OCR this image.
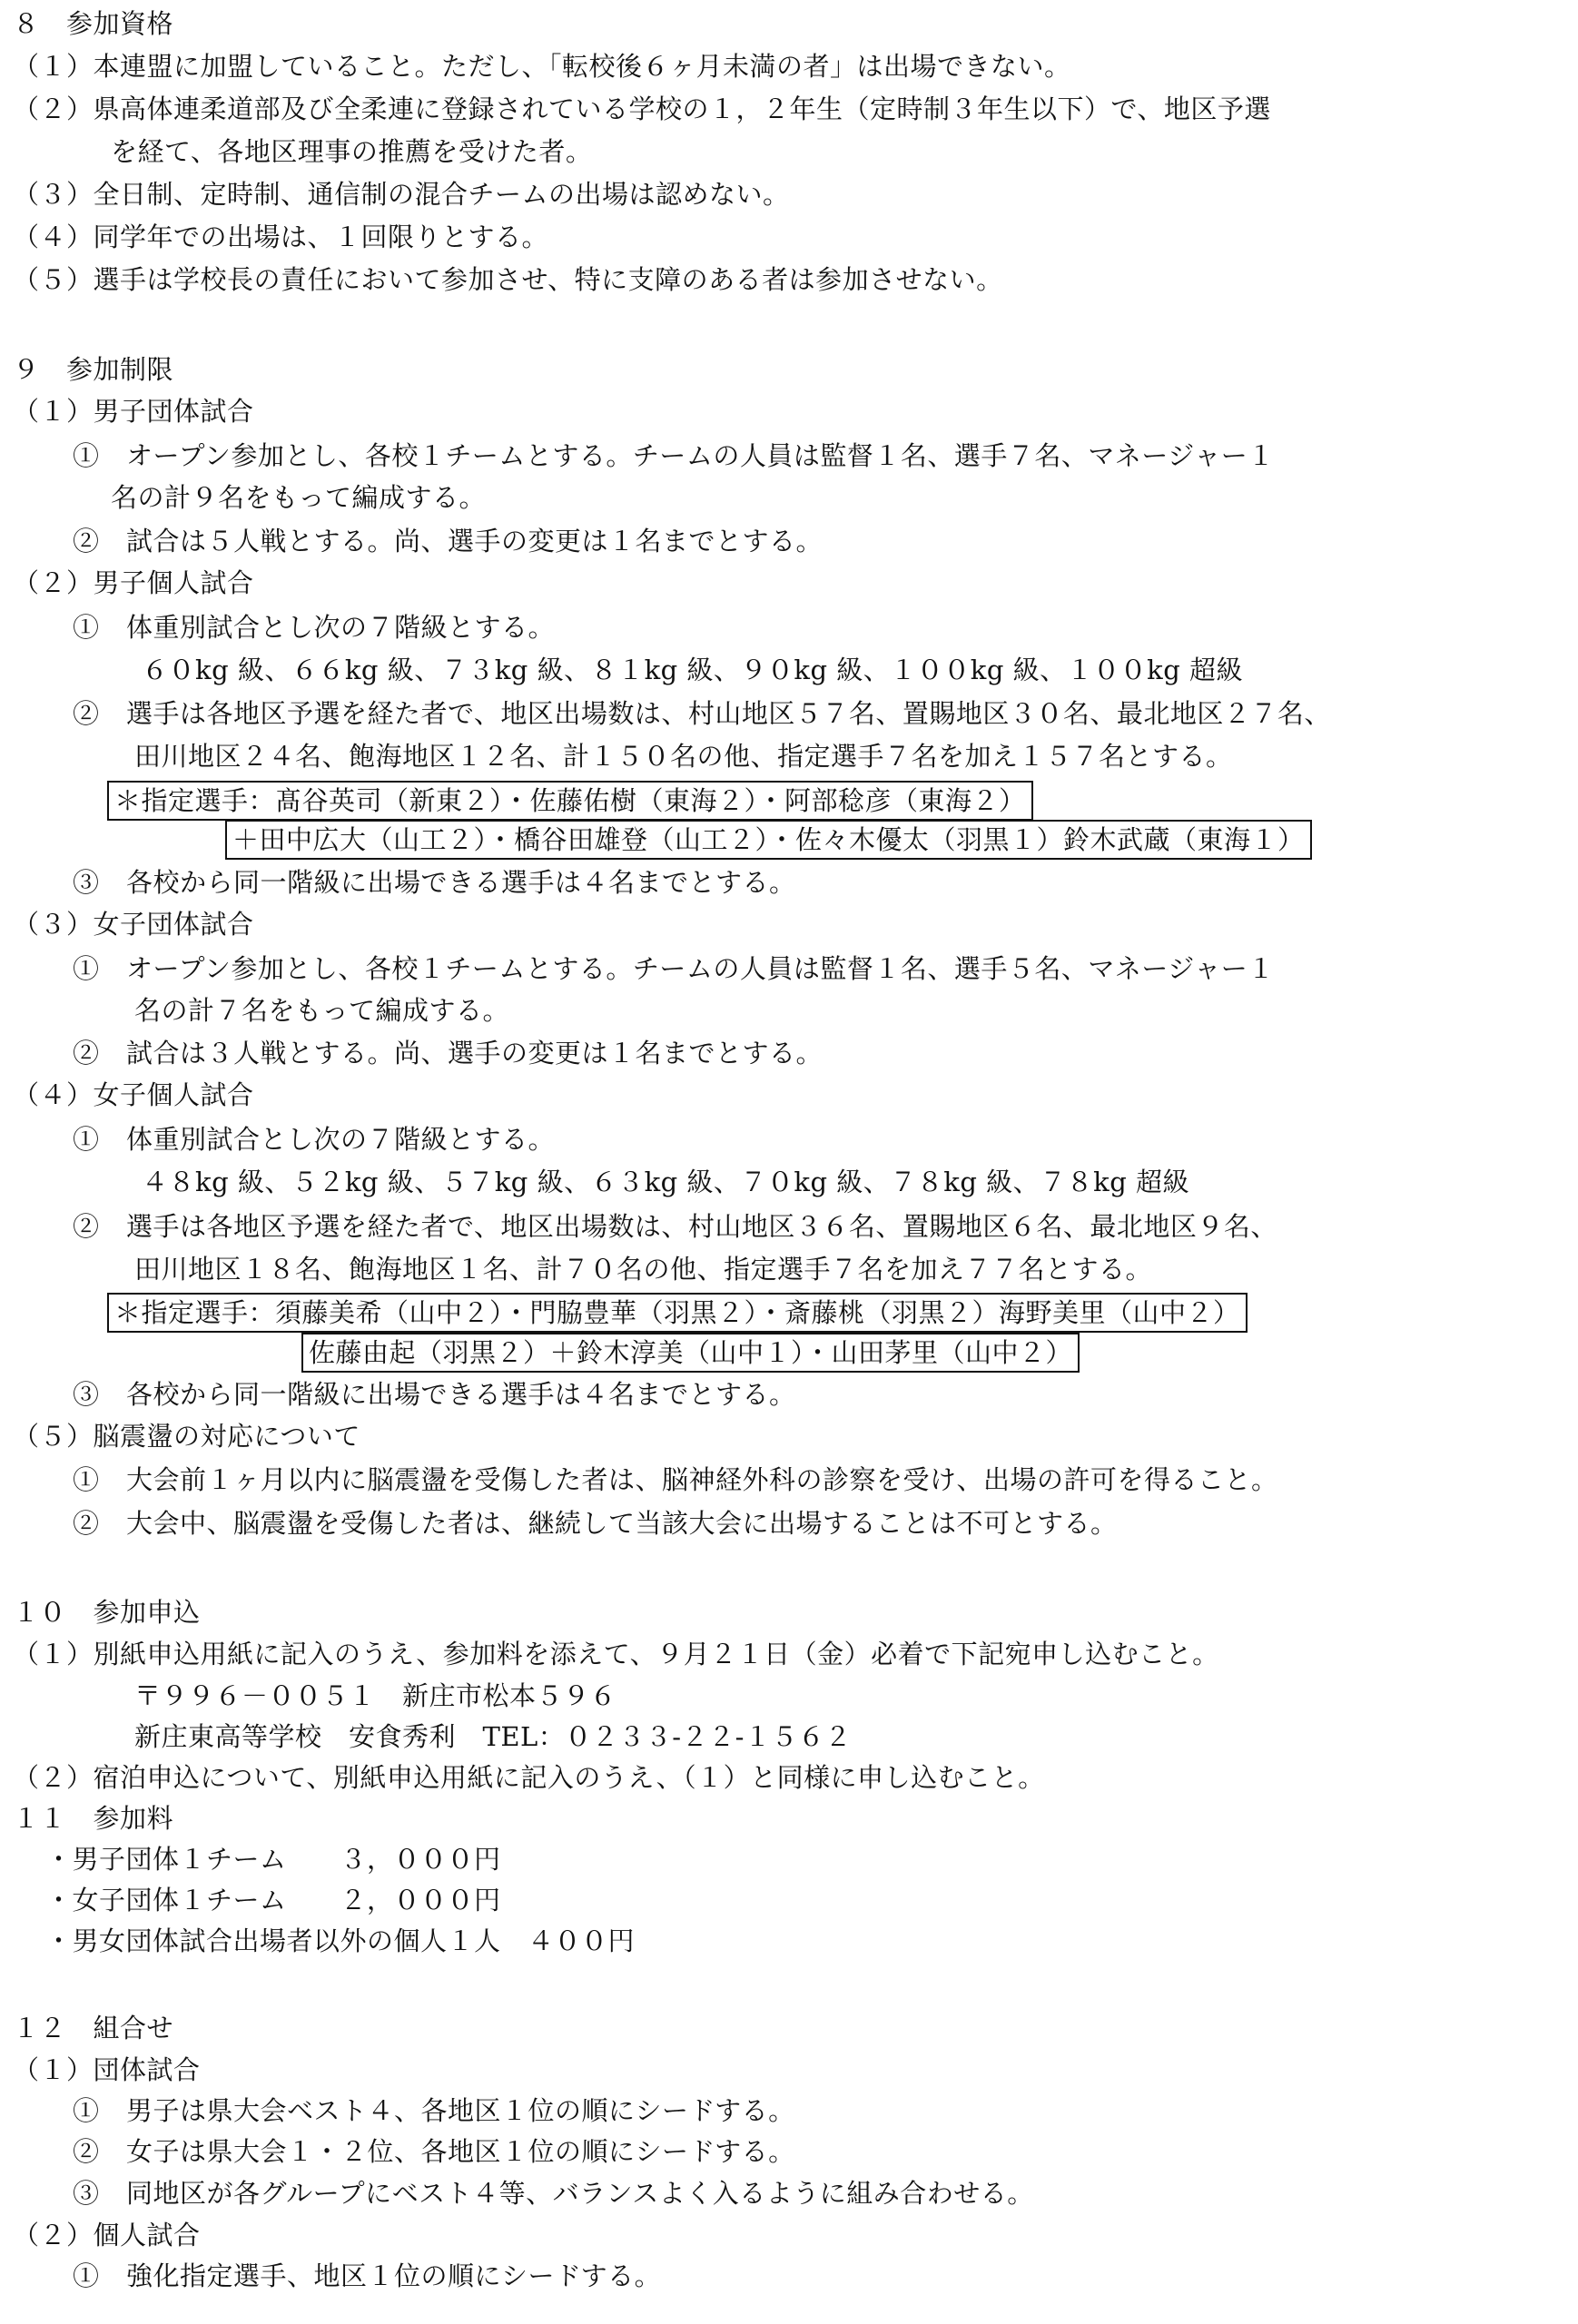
８　参加資格
（１）本連盟に加盟していること。ただし、「転校後６ヶ月未満の者」は出場できない。
（２）県高体連柔道部及び全柔連に登録されている学校の１，２年生（定時制３年生以下）で、地区予選
を経て、各地区理事の推薦を受けた者。
（３）全日制、定時制、通信制の混合チームの出場は認めない。
（４）同学年での出場は、１回限りとする。
（５）選手は学校長の責任において参加させ、特に支障のある者は参加させない。
９　参加制限
（１）男子団体試合
①　オープン参加とし、各校１チームとする。チームの人員は監督１名、選手７名、マネージャー１
名の計９名をもって編成する。
②　試合は５人戦とする。尚、選手の変更は１名までとする。
（２）男子個人試合
①　体重別試合とし次の７階級とする。
６０kg 級、６６kg 級、７３kg 級、８１kg 級、９０kg 級、１００kg 級、１００kg 超級
②　選手は各地区予選を経た者で、地区出場数は、村山地区５７名、置賜地区３０名、最北地区２７名、
田川地区２４名、飽海地区１２名、計１５０名の他、指定選手７名を加え１５７名とする。
＊指定選手：髙谷英司（新東２）・佐藤佑樹（東海２）・阿部稔彦（東海２）
＋田中広大（山工２）・橋谷田雄登（山工２）・佐々木優太（羽黒１）鈴木武蔵（東海１）
③　各校から同一階級に出場できる選手は４名までとする。
（３）女子団体試合
①　オープン参加とし、各校１チームとする。チームの人員は監督１名、選手５名、マネージャー１
名の計７名をもって編成する。
②　試合は３人戦とする。尚、選手の変更は１名までとする。
（４）女子個人試合
①　体重別試合とし次の７階級とする。
４８kg 級、５２kg 級、５７kg 級、６３kg 級、７０kg 級、７８kg 級、７８kg 超級
②　選手は各地区予選を経た者で、地区出場数は、村山地区３６名、置賜地区６名、最北地区９名、
田川地区１８名、飽海地区１名、計７０名の他、指定選手７名を加え７７名とする。
＊指定選手：須藤美希（山中２）・門脇豊華（羽黒２）・斎藤桃（羽黒２）海野美里（山中２）
佐藤由起（羽黒２）＋鈴木淳美（山中１）・山田茅里（山中２）
③　各校から同一階級に出場できる選手は４名までとする。
（５）脳震盪の対応について
①　大会前１ヶ月以内に脳震盪を受傷した者は、脳神経外科の診察を受け、出場の許可を得ること。
②　大会中、脳震盪を受傷した者は、継続して当該大会に出場することは不可とする。
１０　参加申込
（１）別紙申込用紙に記入のうえ、参加料を添えて、９月２１日（金）必着で下記宛申し込むこと。
〒９９６－００５１　新庄市松本５９６
新庄東高等学校　安食秀利　TEL：０２３３-２２-１５６２
（２）宿泊申込について、別紙申込用紙に記入のうえ、（１）と同様に申し込むこと。
１１　参加料
・男子団体１チーム　　３，０００円
・女子団体１チーム　　２，０００円
・男女団体試合出場者以外の個人１人　４００円
１２　組合せ
（１）団体試合
①　男子は県大会ベスト４、各地区１位の順にシードする。
②　女子は県大会１・２位、各地区１位の順にシードする。
③　同地区が各グループにベスト４等、バランスよく入るように組み合わせる。
（２）個人試合
①　強化指定選手、地区１位の順にシードする。
